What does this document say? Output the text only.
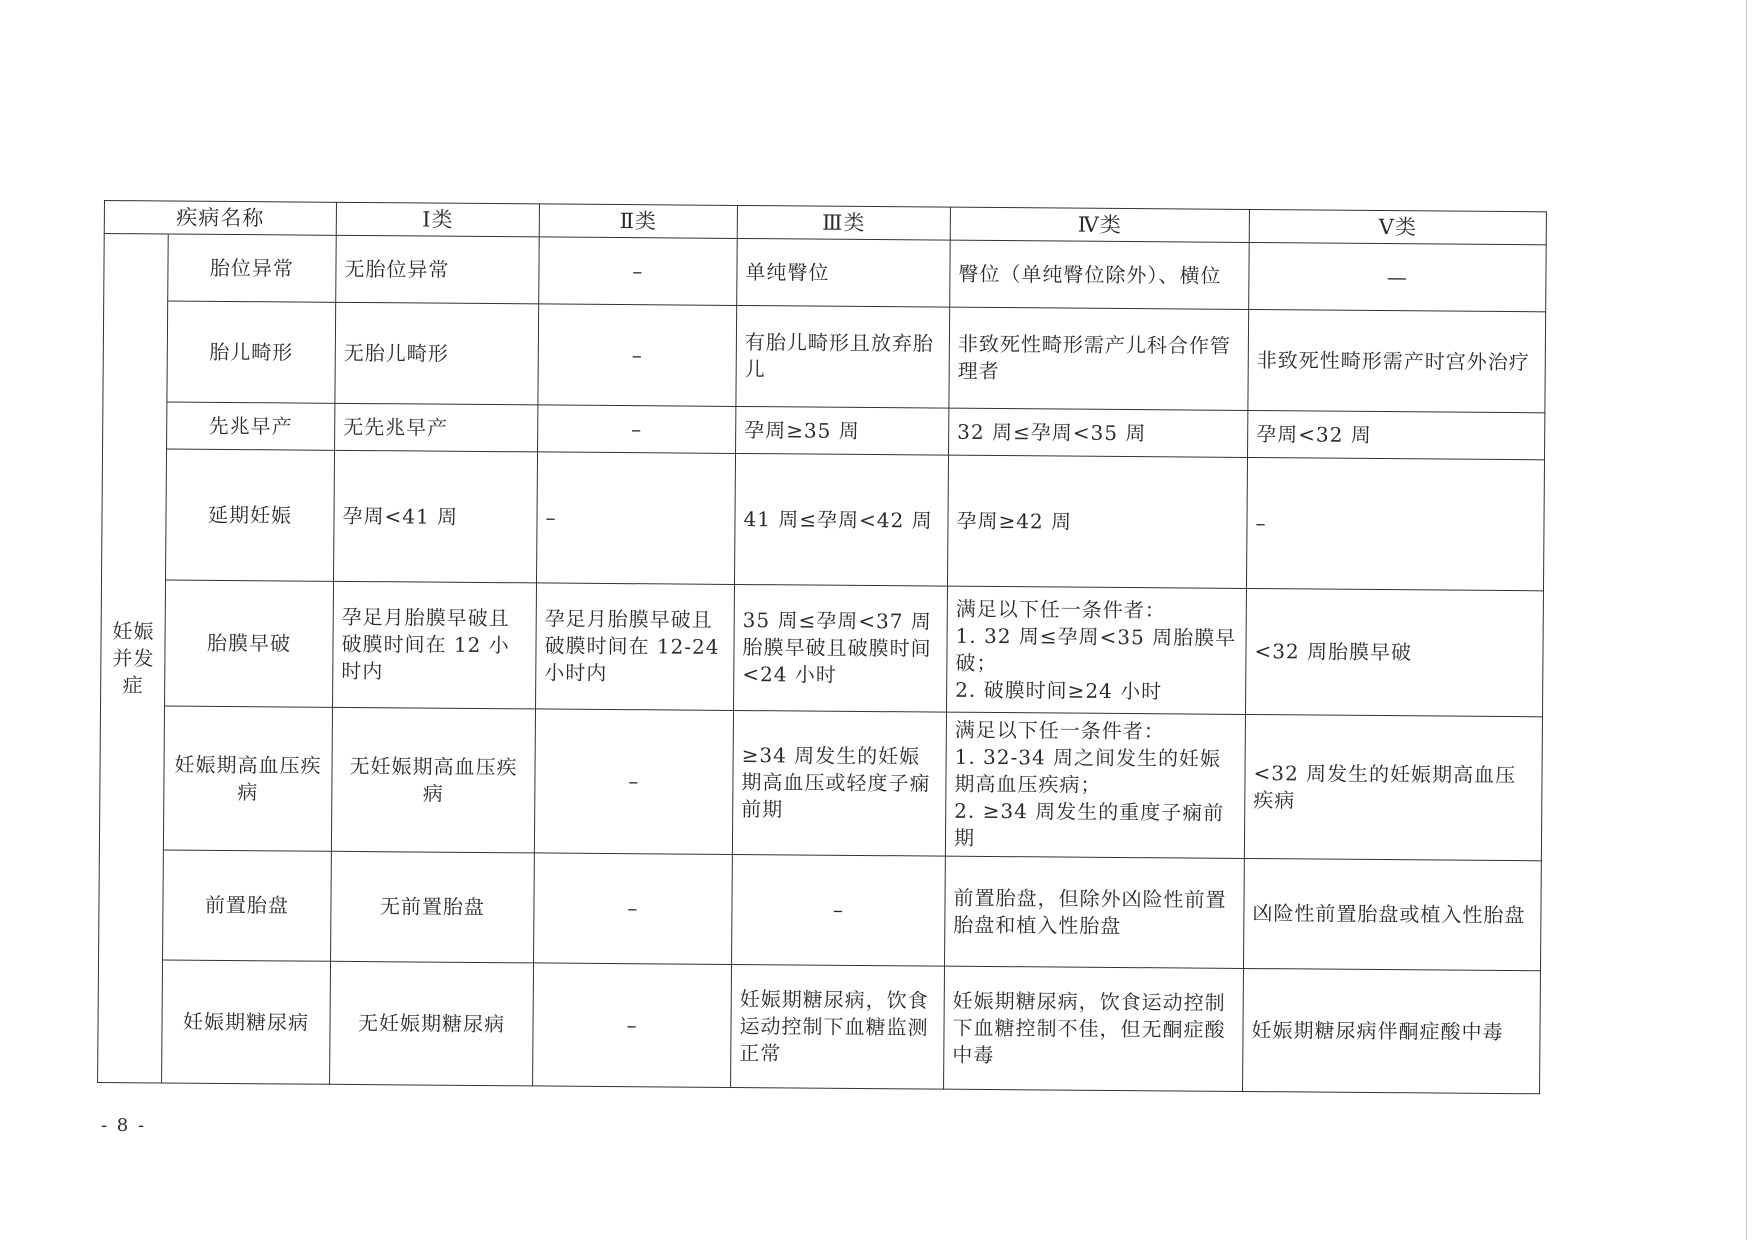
疾病名称		Ⅰ类	Ⅱ类	Ⅲ类	Ⅳ类	Ⅴ类

妊娠并发症	胎位异常	无胎位异常	–	单纯臀位	臀位（单纯臀位除外）、横位	—
	胎儿畸形	无胎儿畸形	–	有胎儿畸形且放弃胎儿	非致死性畸形需产儿科合作管理者	非致死性畸形需产时宫外治疗
	先兆早产	无先兆早产	–	孕周≥35 周	32 周≤孕周<35 周	孕周<32 周
	延期妊娠	孕周<41 周	–	41 周≤孕周<42 周	孕周≥42 周	–
	胎膜早破	孕足月胎膜早破且破膜时间在 12 小时内	孕足月胎膜早破且破膜时间在 12-24 小时内	35 周≤孕周<37 周胎膜早破且破膜时间<24 小时	满足以下任一条件者：
1. 32 周≤孕周<35 周胎膜早破；
2. 破膜时间≥24 小时	<32 周胎膜早破
	妊娠期高血压疾病	无妊娠期高血压疾病	–	≥34 周发生的妊娠期高血压或轻度子痫前期	满足以下任一条件者：
1. 32-34 周之间发生的妊娠期高血压疾病；
2. ≥34 周发生的重度子痫前期	<32 周发生的妊娠期高血压疾病
	前置胎盘	无前置胎盘	–	–	前置胎盘，但除外凶险性前置胎盘和植入性胎盘	凶险性前置胎盘或植入性胎盘
	妊娠期糖尿病	无妊娠期糖尿病	–	妊娠期糖尿病，饮食运动控制下血糖监测正常	妊娠期糖尿病，饮食运动控制下血糖控制不佳，但无酮症酸中毒	妊娠期糖尿病伴酮症酸中毒
- 8 -
